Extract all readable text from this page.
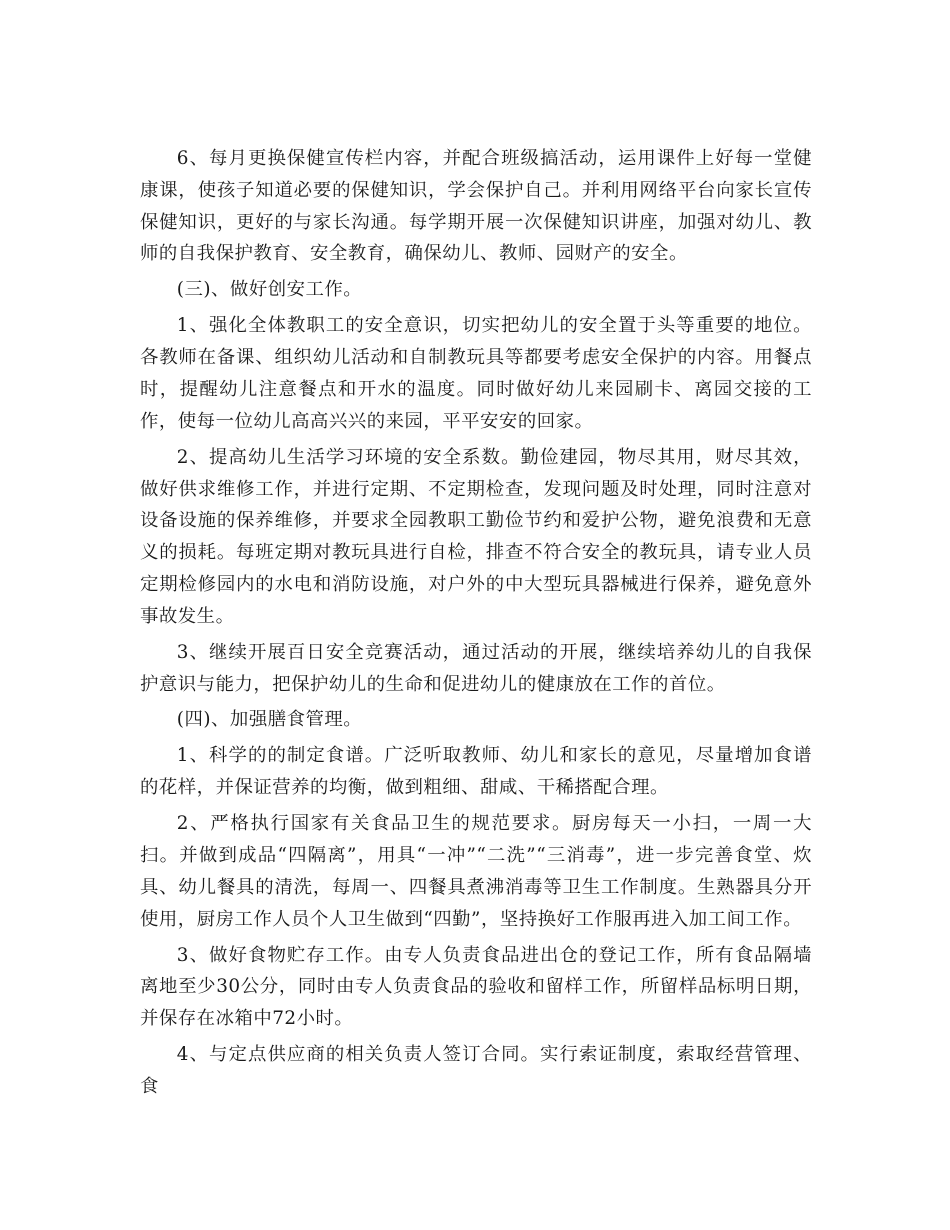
6、每月更换保健宣传栏内容，并配合班级搞活动，运用课件上好每一堂健康课，使孩子知道必要的保健知识，学会保护自己。并利用网络平台向家长宣传保健知识，更好的与家长沟通。每学期开展一次保健知识讲座，加强对幼儿、教师的自我保护教育、安全教育，确保幼儿、教师、园财产的安全。

(三)、做好创安工作。

1、强化全体教职工的安全意识，切实把幼儿的安全置于头等重要的地位。各教师在备课、组织幼儿活动和自制教玩具等都要考虑安全保护的内容。用餐点时，提醒幼儿注意餐点和开水的温度。同时做好幼儿来园刷卡、离园交接的工作，使每一位幼儿高高兴兴的来园，平平安安的回家。

2、提高幼儿生活学习环境的安全系数。勤俭建园，物尽其用，财尽其效，做好供求维修工作，并进行定期、不定期检查，发现问题及时处理，同时注意对设备设施的保养维修，并要求全园教职工勤俭节约和爱护公物，避免浪费和无意义的损耗。每班定期对教玩具进行自检，排查不符合安全的教玩具，请专业人员定期检修园内的水电和消防设施，对户外的中大型玩具器械进行保养，避免意外事故发生。

3、继续开展百日安全竞赛活动，通过活动的开展，继续培养幼儿的自我保护意识与能力，把保护幼儿的生命和促进幼儿的健康放在工作的首位。

(四)、加强膳食管理。

1、科学的的制定食谱。广泛听取教师、幼儿和家长的意见，尽量增加食谱的花样，并保证营养的均衡，做到粗细、甜咸、干稀搭配合理。

2、严格执行国家有关食品卫生的规范要求。厨房每天一小扫，一周一大扫。并做到成品“四隔离”，用具“一冲”“二洗”“三消毒”，进一步完善食堂、炊具、幼儿餐具的清洗，每周一、四餐具煮沸消毒等卫生工作制度。生熟器具分开使用，厨房工作人员个人卫生做到“四勤”，坚持换好工作服再进入加工间工作。

3、做好食物贮存工作。由专人负责食品进出仓的登记工作，所有食品隔墙离地至少30公分，同时由专人负责食品的验收和留样工作，所留样品标明日期，并保存在冰箱中72小时。

4、与定点供应商的相关负责人签订合同。实行索证制度，索取经营管理、食
